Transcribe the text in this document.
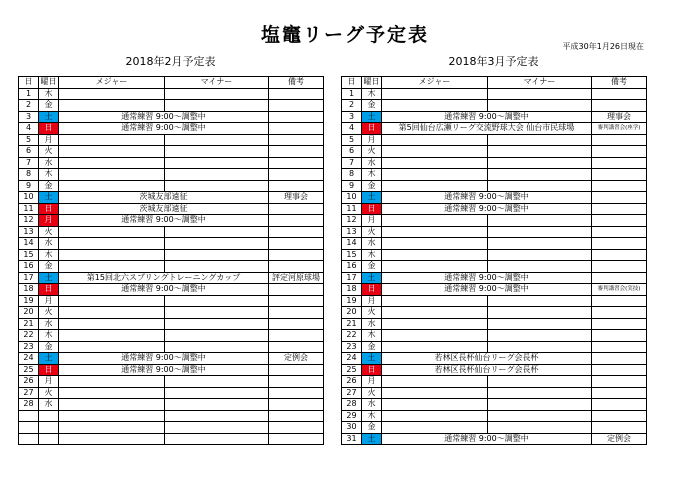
塩竈リーグ予定表
平成30年1月26日現在
2018年2月予定表	2018年3月予定表
日	曜日	メジャー	マイナー	備考
1	木			
2	金			
3	土	通常練習 9:00～調整中		
4	日	通常練習 9:00～調整中		
5	月			
6	火			
7	水			
8	木			
9	金			
10	土	茨城友部遠征		理事会
11	日	茨城友部遠征		
12	月	通常練習 9:00～調整中		
13	火			
14	水			
15	木			
16	金			
17	土	第15回北六スプリングトレーニングカップ		評定河原球場
18	日	通常練習 9:00～調整中		
19	月			
20	火			
21	水			
22	木			
23	金			
24	土	通常練習 9:00～調整中		定例会
25	日	通常練習 9:00～調整中		
26	月			
27	火			
28	水			

日	曜日	メジャー	マイナー	備考
1	木			
2	金			
3	土	通常練習 9:00～調整中		理事会
4	日	第5回仙台広瀬リーグ交流野球大会 仙台市民球場		審判講習会(座学)
5	月			
6	火			
7	水			
8	木			
9	金			
10	土	通常練習 9:00～調整中		
11	日	通常練習 9:00～調整中		
12	月			
13	火			
14	水			
15	木			
16	金			
17	土	通常練習 9:00～調整中		
18	日	通常練習 9:00～調整中		審判講習会(実技)
19	月			
20	火			
21	水			
22	木			
23	金			
24	土	若林区長杯仙台リーグ会長杯		
25	日	若林区長杯仙台リーグ会長杯		
26	月			
27	火			
28	水			
29	木			
30	金			
31	土	通常練習 9:00～調整中		定例会
